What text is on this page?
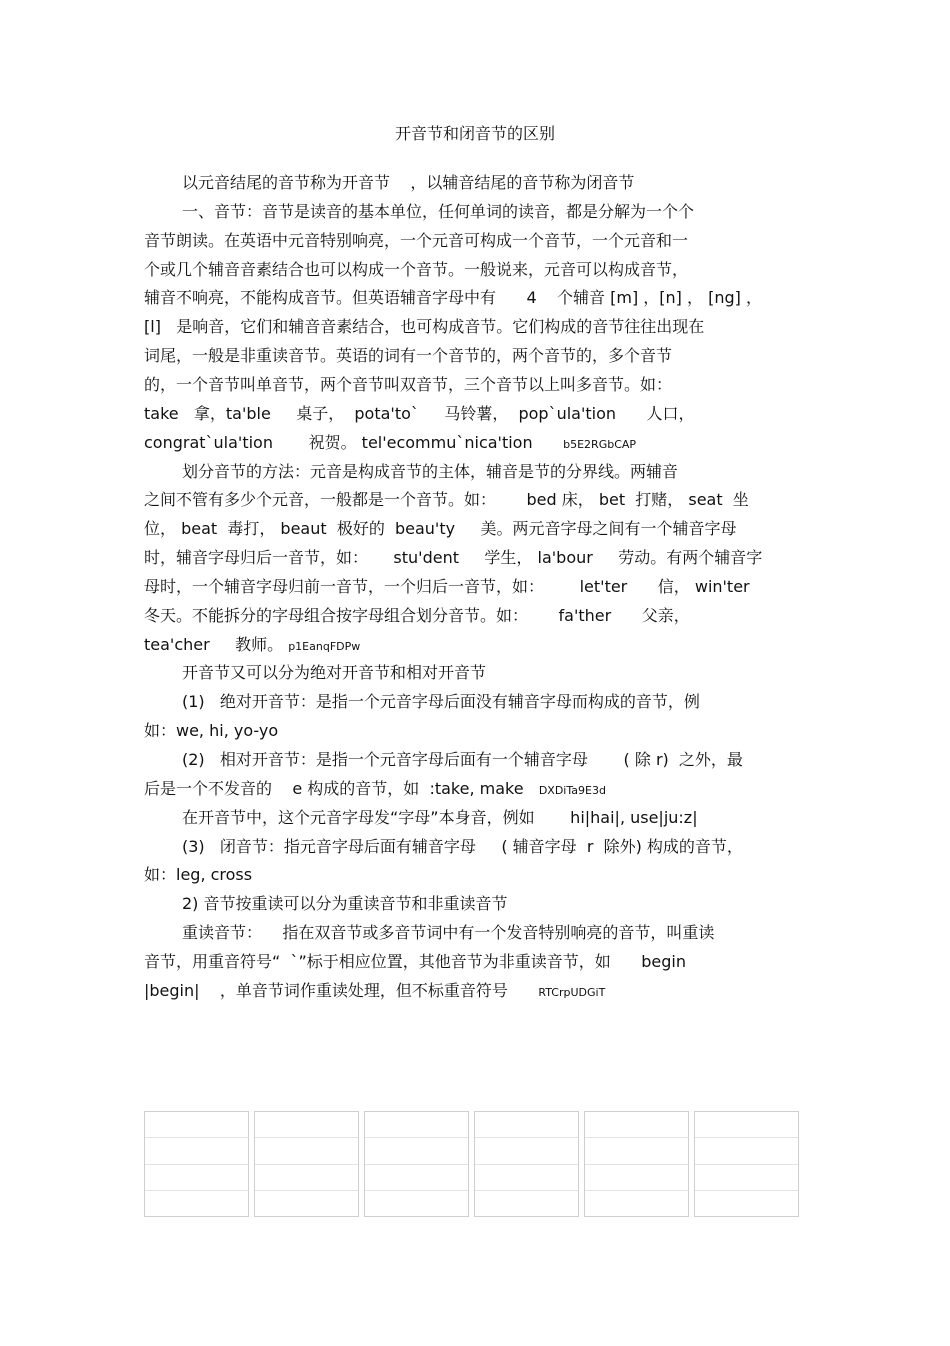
开音节和闭音节的区别
以元音结尾的音节称为开音节    ，以辅音结尾的音节称为闭音节
一、音节：音节是读音的基本单位，任何单词的读音，都是分解为一个个
音节朗读。在英语中元音特别响亮，一个元音可构成一个音节，一个元音和一
个或几个辅音音素结合也可以构成一个音节。一般说来，元音可以构成音节，
辅音不响亮，不能构成音节。但英语辅音字母中有      4    个辅音 [m] ，[n] ， [ng] ，
[l]   是响音，它们和辅音音素结合，也可构成音节。它们构成的音节往往出现在
词尾，一般是非重读音节。英语的词有一个音节的，两个音节的，多个音节
的，一个音节叫单音节，两个音节叫双音节，三个音节以上叫多音节。如：
take   拿，ta'ble     桌子，  pota'to`     马铃薯，  pop`ula'tion      人口，
congrat`ula'tion       祝贺。 tel'ecommu`nica'tion      b5E2RGbCAP
划分音节的方法：元音是构成音节的主体，辅音是节的分界线。两辅音
之间不管有多少个元音，一般都是一个音节。如：      bed 床， bet  打赌， seat  坐
位， beat  毒打， beaut  极好的  beau'ty     美。两元音字母之间有一个辅音字母
时，辅音字母归后一音节，如：     stu'dent     学生， la'bour     劳动。有两个辅音字
母时，一个辅音字母归前一音节，一个归后一音节，如：       let'ter      信， win'ter
冬天。不能拆分的字母组合按字母组合划分音节。如：      fa'ther      父亲，
tea'cher     教师。 p1EanqFDPw
开音节又可以分为绝对开音节和相对开音节
(1)   绝对开音节：是指一个元音字母后面没有辅音字母而构成的音节，例
如：we, hi, yo-yo
(2)   相对开音节：是指一个元音字母后面有一个辅音字母       ( 除 r)  之外，最
后是一个不发音的    e 构成的音节，如  :take, make   DXDiTa9E3d
在开音节中，这个元音字母发“字母”本身音，例如       hi|hai|, use|ju:z|
(3)   闭音节：指元音字母后面有辅音字母     ( 辅音字母  r  除外) 构成的音节，
如：leg, cross
2) 音节按重读可以分为重读音节和非重读音节
重读音节：    指在双音节或多音节词中有一个发音特别响亮的音节，叫重读
音节，用重音符号“  `”标于相应位置，其他音节为非重读音节，如      begin
|begin|    ，单音节词作重读处理，但不标重音符号      RTCrpUDGiT
